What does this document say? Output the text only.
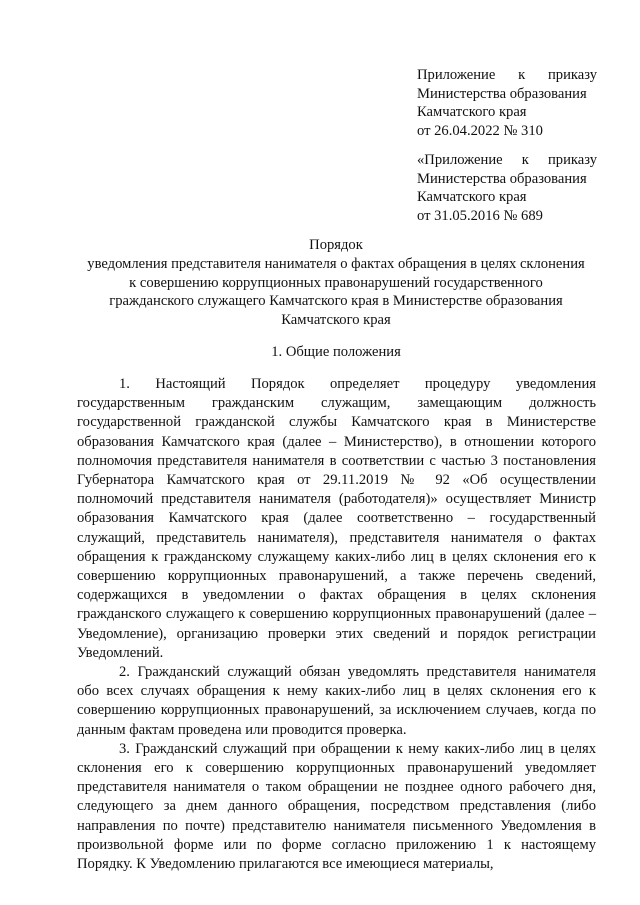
Приложение к приказу
Министерства образования
Камчатского края
от 26.04.2022 № 310
«Приложение к приказу
Министерства образования
Камчатского края
от 31.05.2016 № 689
Порядок
уведомления представителя нанимателя о фактах обращения в целях склонения
к совершению коррупционных правонарушений государственного
гражданского служащего Камчатского края в Министерстве образования
Камчатского края
1. Общие положения

1. Настоящий Порядок определяет процедуру уведомления государственным гражданским служащим, замещающим должность государственной гражданской службы Камчатского края в Министерстве образования Камчатского края (далее – Министерство), в отношении которого полномочия представителя нанимателя в соответствии с частью 3 постановления Губернатора Камчатского края от 29.11.2019 № 92 «Об осуществлении полномочий представителя нанимателя (работодателя)» осуществляет Министр образования Камчатского края (далее соответственно – государственный служащий, представитель нанимателя), представителя нанимателя о фактах обращения к гражданскому служащему каких-либо лиц в целях склонения его к совершению коррупционных правонарушений, а также перечень сведений, содержащихся в уведомлении о фактах обращения в целях склонения гражданского служащего к совершению коррупционных правонарушений (далее – Уведомление), организацию проверки этих сведений и порядок регистрации Уведомлений.

2. Гражданский служащий обязан уведомлять представителя нанимателя обо всех случаях обращения к нему каких-либо лиц в целях склонения его к совершению коррупционных правонарушений, за исключением случаев, когда по данным фактам проведена или проводится проверка.

3. Гражданский служащий при обращении к нему каких-либо лиц в целях склонения его к совершению коррупционных правонарушений уведомляет представителя нанимателя о таком обращении не позднее одного рабочего дня, следующего за днем данного обращения, посредством представления (либо направления по почте) представителю нанимателя письменного Уведомления в произвольной форме или по форме согласно приложению 1 к настоящему Порядку. К Уведомлению прилагаются все имеющиеся материалы,
